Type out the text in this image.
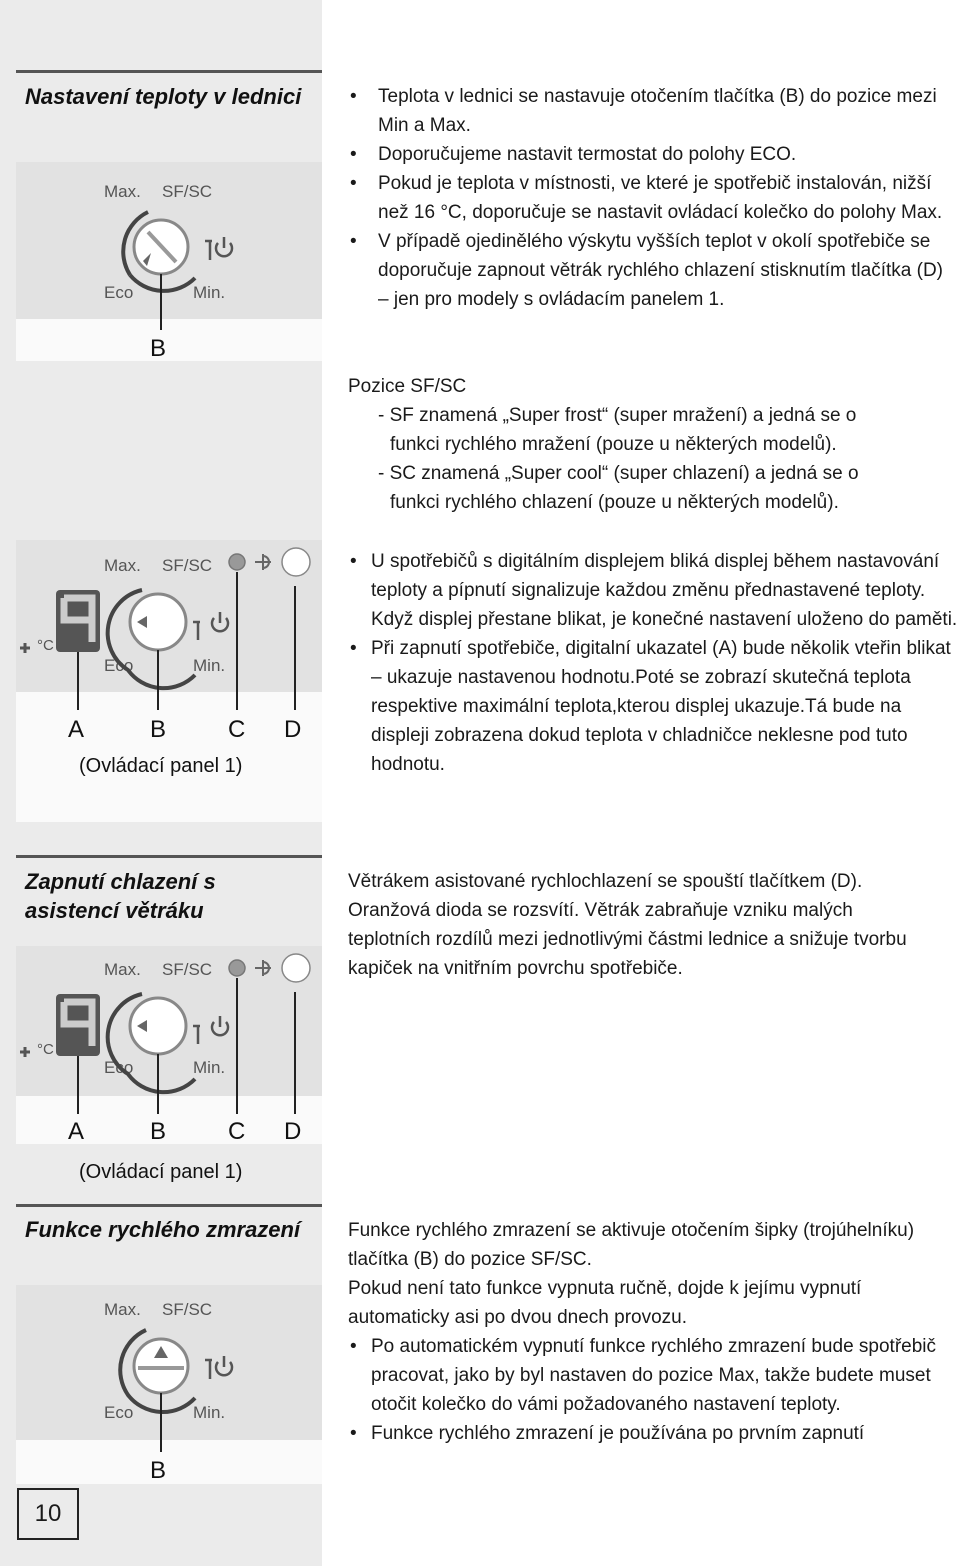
Nastavení teploty v lednici
Max. SF/SC
Eco	Min.
B
• Teplota v lednici se nastavuje otočením tlačítka (B) do pozice mezi Min a Max.
• Doporučujeme nastavit termostat do polohy ECO.
• Pokud je teplota v místnosti, ve které je spotřebič instalován, nižší než 16 °C, doporučuje se nastavit ovládací kolečko do polohy Max.
• V případě ojedinělého výskytu vyšších teplot v okolí spotřebiče se doporučuje zapnout větrák rychlého chlazení stisknutím tlačítka (D) – jen pro modely s ovládacím panelem 1.

Pozice SF/SC

- SF znamená „Super frost“ (super mražení) a jedná se o

funkci rychlého mražení (pouze u některých modelů).

- SC znamená „Super cool“ (super chlazení) a jedná se o

funkci rychlého chlazení (pouze u některých modelů).

Max. SF/SC
Eco	Min.
°C
A	B	C D
(Ovládací panel 1)
• U spotřebičů s digitálním displejem bliká displej během nastavování teploty a pípnutí signalizuje každou změnu přednastavené teploty. Když displej přestane blikat, je konečné nastavení uloženo do paměti.
• Při zapnutí spotřebiče, digitalní ukazatel (A) bude několik vteřin blikat – ukazuje nastavenou hodnotu.Poté se zobrazí skutečná teplota respektive maximální teplota,kterou displej ukazuje.Tá bude na displeji zobrazena dokud teplota v chladničce neklesne pod tuto hodnotu.
Zapnutí chlazení s asistencí větráku
Max. SF/SC
Eco	Min.
°C
A	B	C D
(Ovládací panel 1)

Větrákem asistované rychlochlazení se spouští tlačítkem (D). Oranžová dioda se rozsvítí. Větrák zabraňuje vzniku malých teplotních rozdílů mezi jednotlivými částmi lednice a snižuje tvorbu kapiček na vnitřním povrchu spotřebiče.

Funkce rychlého zmrazení
Max. SF/SC
Eco	Min.
B

Funkce rychlého zmrazení se aktivuje otočením šipky (trojúhelníku) tlačítka (B) do pozice SF/SC.

Pokud není tato funkce vypnuta ručně, dojde k jejímu vypnutí automaticky asi po dvou dnech provozu.

• Po automatickém vypnutí funkce rychlého zmrazení bude spotřebič pracovat, jako by byl nastaven do pozice Max, takže budete muset otočit kolečko do vámi požadovaného nastavení teploty.
• Funkce rychlého zmrazení je používána po prvním zapnutí
10
